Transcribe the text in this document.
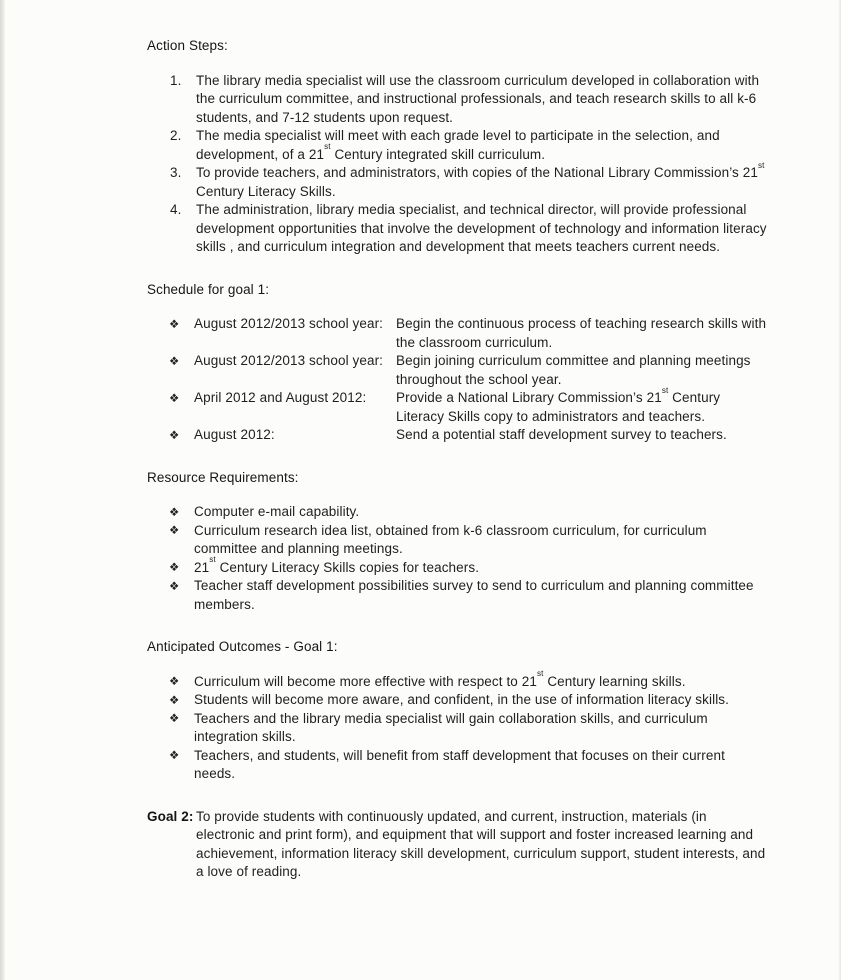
Action Steps:

The library media specialist will use the classroom curriculum developed in collaboration with the curriculum committee, and instructional professionals, and teach research skills to all k-6 students, and 7-12 students upon request.
The media specialist will meet with each grade level to participate in the selection, and development, of a 21st Century integrated skill curriculum.
To provide teachers, and administrators, with copies of the National Library Commission’s 21st Century Literacy Skills.
The administration, library media specialist, and technical director, will provide professional development opportunities that involve the development of technology and information literacy skills , and curriculum integration and development that meets teachers current needs.

Schedule for goal 1:

❖ August 2012/2013 school year: Begin the continuous process of teaching research skills with the classroom curriculum.
❖ August 2012/2013 school year: Begin joining curriculum committee and planning meetings throughout the school year.
❖ April 2012 and August 2012:	Provide a National Library Commission’s 21st Century Literacy Skills copy to administrators and teachers.
❖ August 2012:	Send a potential staff development survey to teachers.

Resource Requirements:

❖ Computer e-mail capability.
❖ Curriculum research idea list, obtained from k-6 classroom curriculum, for curriculum committee and planning meetings.
❖ 21st Century Literacy Skills copies for teachers.
❖ Teacher staff development possibilities survey to send to curriculum and planning committee members.

Anticipated Outcomes - Goal 1:

❖ Curriculum will become more effective with respect to 21st Century learning skills.
❖ Students will become more aware, and confident, in the use of information literacy skills.
❖ Teachers and the library media specialist will gain collaboration skills, and curriculum integration skills.
❖ Teachers, and students, will benefit from staff development that focuses on their current needs.
Goal 2: To provide students with continuously updated, and current, instruction, materials (in electronic and print form), and equipment that will support and foster increased learning and achievement, information literacy skill development, curriculum support, student interests, and a love of reading.
